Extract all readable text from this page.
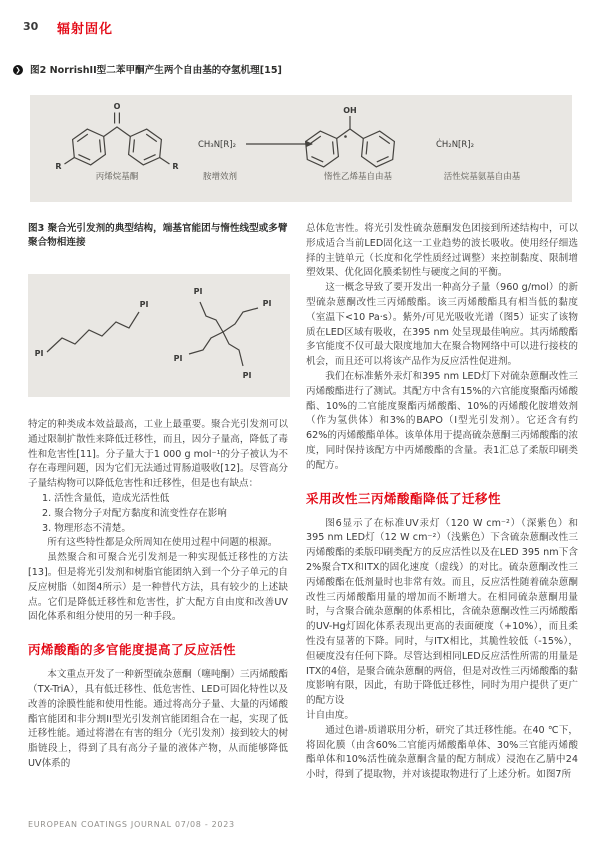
30 辐射固化
❯ 图2 NorrishII型二苯甲酮产生两个自由基的夺氢机理[15]
O
R	R
CH₃N[R]₂
OH
ĊH₂N[R]₂
丙烯烷基酮	胺增效剂	惰性乙烯基自由基	活性烷基氨基自由基
图3 聚合光引发剂的典型结构，端基官能团与惰性线型或多臂聚合物相连接
PI
PI
PI
PI
PI
PI

特定的种类成本效益最高，工业上最重要。聚合光引发剂可以通过限制扩散性来降低迁移性，而且，因分子量高，降低了毒性和危害性[11]。分子量大于1 000 g mol⁻¹的分子被认为不存在毒理问题，因为它们无法通过胃肠道吸收[12]。尽管高分子量结构物可以降低危害性和迁移性，但是也有缺点：

1. 活性含量低，造成光活性低
2. 聚合物分子对配方黏度和流变性存在影响
3. 物理形态不清楚。

所有这些特性都是众所周知在使用过程中问题的根源。

虽然聚合和可聚合光引发剂是一种实现低迁移性的方法[13]。但是将光引发剂和树脂官能团纳入到一个分子单元的自反应树脂（如图4所示）是一种替代方法，具有较少的上述缺点。它们是降低迁移性和危害性，扩大配方自由度和改善UV固化体系和组分使用的另一种手段。

丙烯酸酯的多官能度提高了反应活性

本文重点开发了一种新型硫杂蒽酮（噻吨酮）三丙烯酸酯（TX-TriA），具有低迁移性、低危害性、LED可固化特性以及改善的涂膜性能和使用性能。通过将高分子量、大量的丙烯酸酯官能团和非分割II型光引发剂官能团组合在一起，实现了低迁移性能。通过将潜在有害的组分（光引发剂）接到较大的树脂链段上，得到了具有高分子量的液体产物，从而能够降低UV体系的

总体危害性。将光引发性硫杂蒽酮发色团接到所述结构中，可以形成适合当前LED固化这一工业趋势的波长吸收。使用经仔细选择的主链单元（长度和化学性质经过调整）来控制黏度、限制增塑效果、优化固化膜柔韧性与硬度之间的平衡。

这一概念导致了要开发出一种高分子量（960 g/mol）的新型硫杂蒽酮改性三丙烯酸酯。该三丙烯酸酯具有相当低的黏度（室温下<10 Pa·s）。紫外/可见光吸收光谱（图5）证实了该物质在LED区域有吸收，在395 nm 处呈现最佳响应。其丙烯酸酯多官能度不仅可最大限度地加大在聚合物网络中可以进行接枝的机会，而且还可以将该产品作为反应活性促进剂。

我们在标准紫外汞灯和395 nm LED灯下对硫杂蒽酮改性三丙烯酸酯进行了测试。其配方中含有15%的六官能度聚酯丙烯酸酯、10%的二官能度聚酯丙烯酸酯、10%的丙烯酸化胺增效剂（作为氢供体）和3%的BAPO（I型光引发剂）。它还含有约62%的丙烯酸酯单体。该单体用于提高硫杂蒽酮三丙烯酸酯的浓度，同时保持该配方中丙烯酸酯的含量。表1汇总了柔版印刷类的配方。

采用改性三丙烯酸酯降低了迁移性

图6显示了在标准UV汞灯（120 W cm⁻²）（深紫色）和395 nm LED灯（12 W cm⁻²）（浅紫色）下含硫杂蒽酮改性三丙烯酸酯的柔版印刷类配方的反应活性以及在LED 395 nm下含2%聚合TX和ITX的固化速度（虚线）的对比。硫杂蒽酮改性三丙烯酸酯在低剂量时也非常有效。而且，反应活性随着硫杂蒽酮改性三丙烯酸酯用量的增加而不断增大。在相同硫杂蒽酮用量时，与含聚合硫杂蒽酮的体系相比，含硫杂蒽酮改性三丙烯酸酯的UV-Hg灯固化体系表现出更高的表面硬度（+10%），而且柔性没有显著的下降。同时，与ITX相比，其脆性较低（-15%），但硬度没有任何下降。尽管达到相同LED反应活性所需的用量是ITX的4倍，是聚合硫杂蒽酮的两倍，但是对改性三丙烯酸酯的黏度影响有限，因此，有助于降低迁移性，同时为用户提供了更广的配方设

计自由度。

通过色谱-质谱联用分析，研究了其迁移性能。在40 ℃下，将固化膜（由含60%二官能丙烯酸酯单体、30%三官能丙烯酸酯单体和10%活性硫杂蒽酮含量的配方制成）浸泡在乙腈中24小时，得到了提取物，并对该提取物进行了上述分析。如图7所

EUROPEAN COATINGS JOURNAL 07/08 - 2023
